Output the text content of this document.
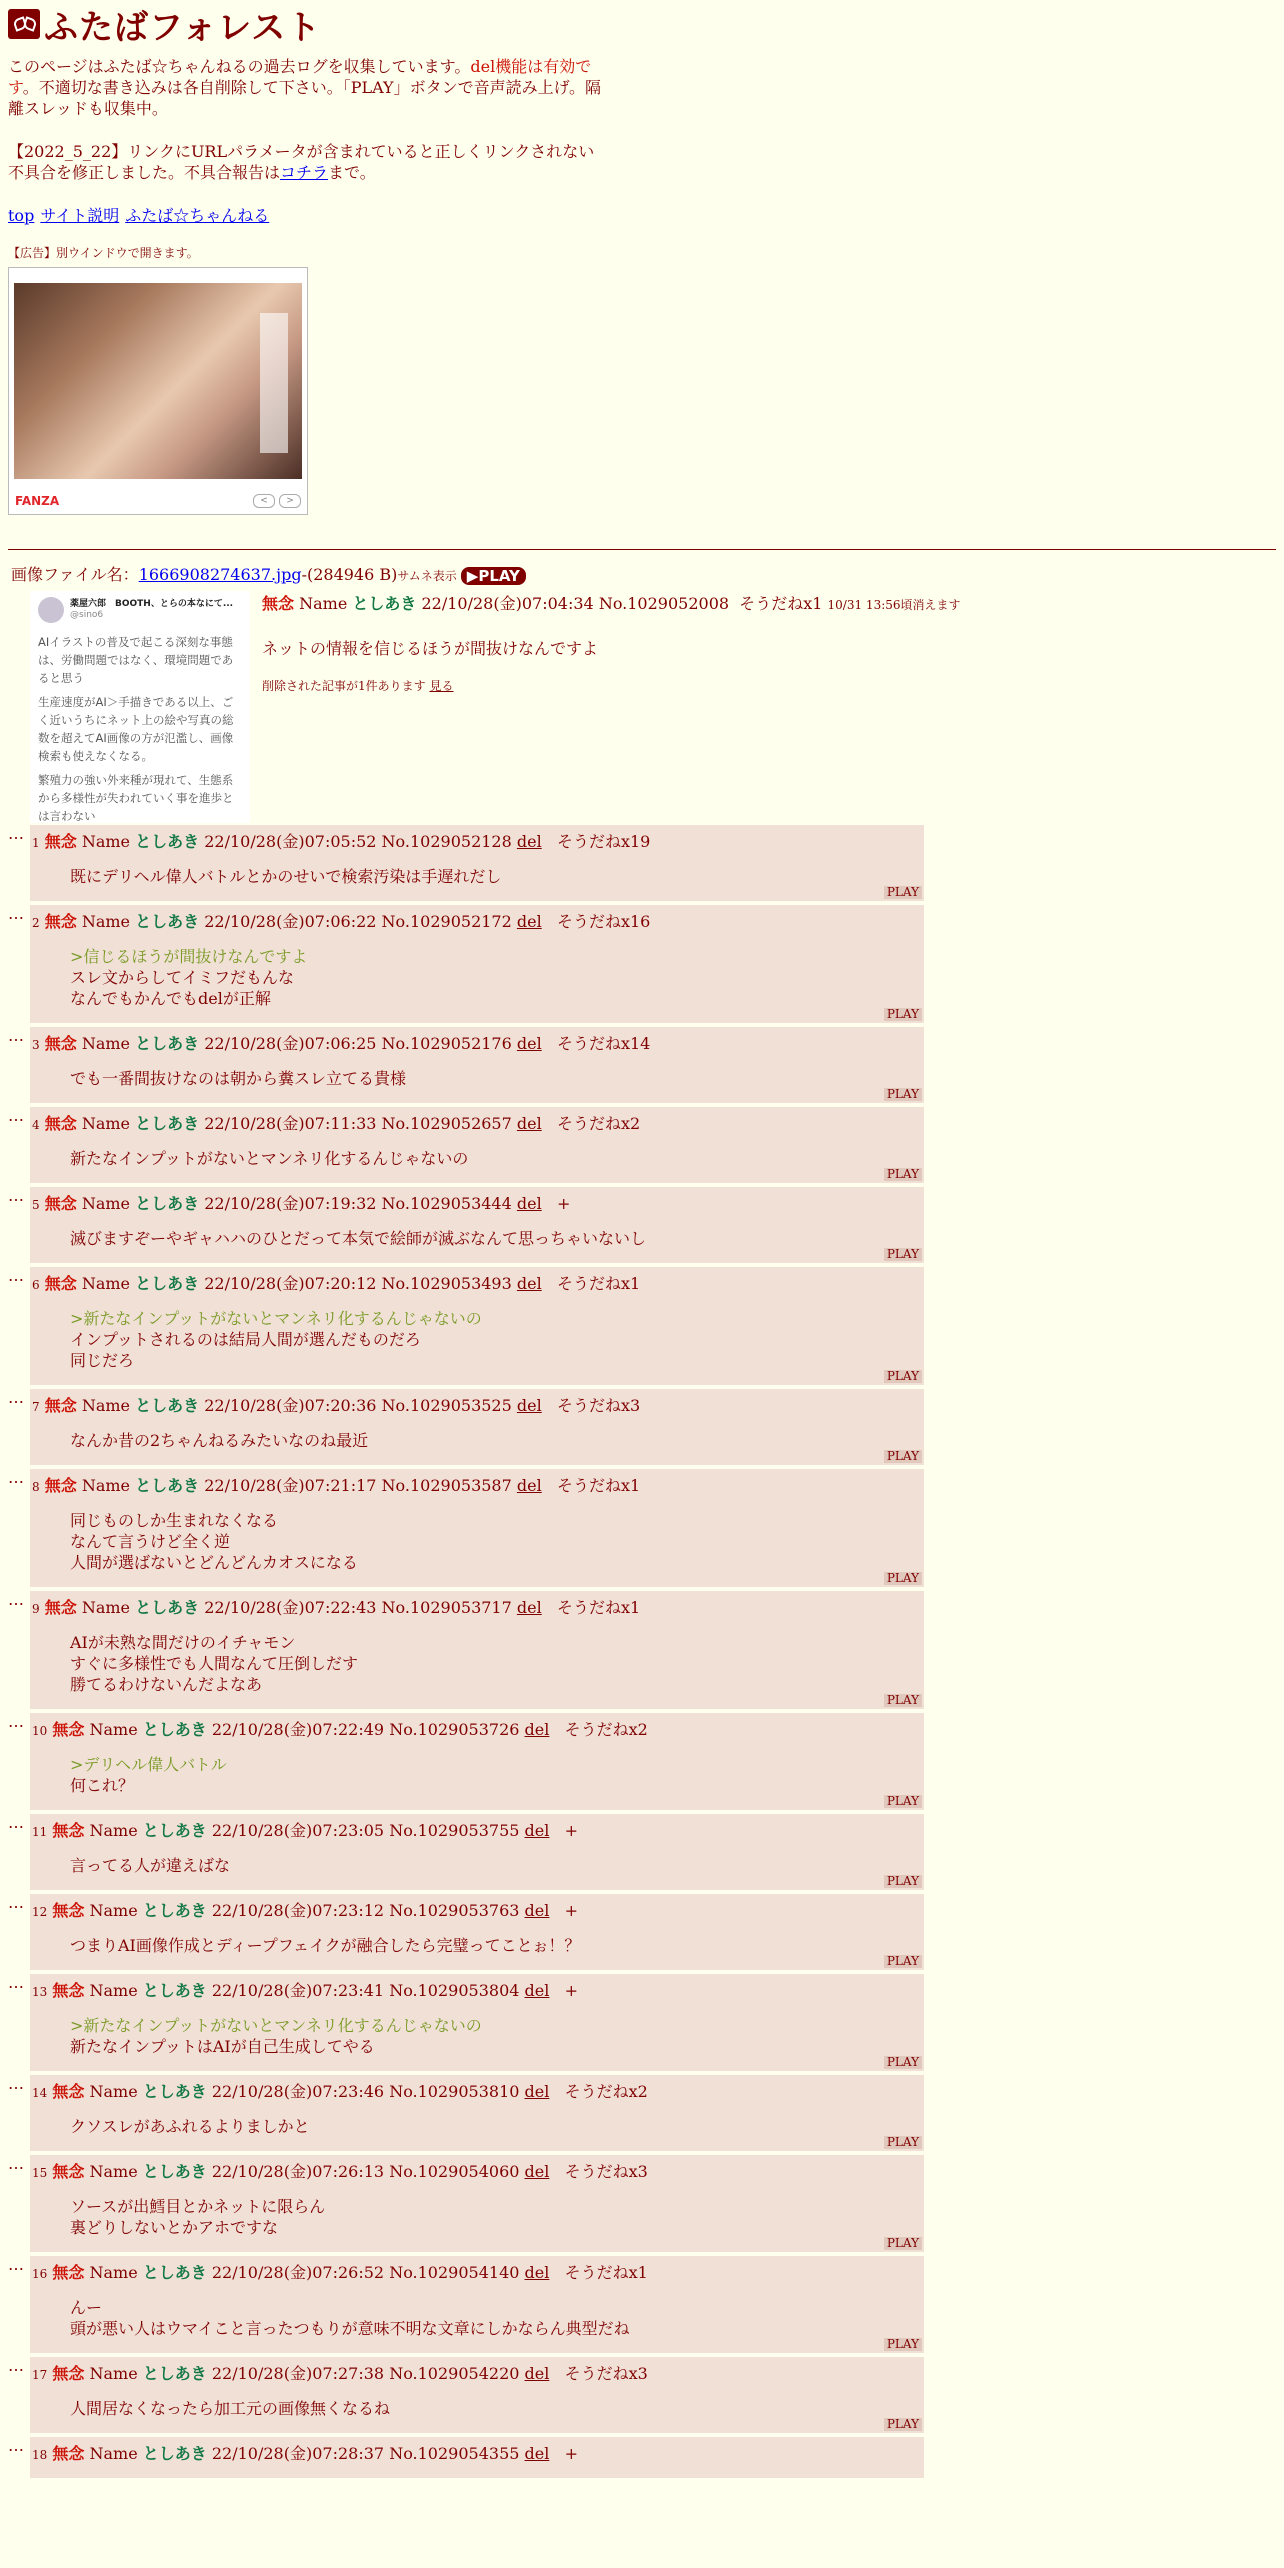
ふたばフォレスト
このページはふたば☆ちゃんねるの過去ログを収集しています。del機能は有効です。不適切な書き込みは各自削除して下さい。「PLAY」ボタンで音声読み上げ。隔離スレッドも収集中。
【2022_5_22】リンクにURLパラメータが含まれていると正しくリンクされない不具合を修正しました。不具合報告はコチラまで。
top サイト説明 ふたば☆ちゃんねる
【広告】別ウインドウで開きます。
FANZA	<	>
画像ファイル名：1666908274637.jpg-(284946 B)サムネ表示 ▶PLAY
薬屋六郎　BOOTH、とらの本なにて...
@sino6

AIイラストの普及で起こる深刻な事態は、労働問題ではなく、環境問題であると思う

生産速度がAI＞手描きである以上、ごく近いうちにネット上の絵や写真の総数を超えてAI画像の方が氾濫し、画像検索も使えなくなる。

繁殖力の強い外来種が現れて、生態系から多様性が失われていく事を進歩とは言わない

無念 Name としあき 22/10/28(金)07:04:34 No.1029052008 そうだねx1 10/31 13:56頃消えます
ネットの情報を信じるほうが間抜けなんですよ
削除された記事が1件あります 見る
… 1 無念 Name としあき 22/10/28(金)07:05:52 No.1029052128 del そうだねx19
既にデリヘル偉人バトルとかのせいで検索汚染は手遅れだし
PLAY
… 2 無念 Name としあき 22/10/28(金)07:06:22 No.1029052172 del そうだねx16
>信じるほうが間抜けなんですよ
スレ文からしてイミフだもんな
なんでもかんでもdelが正解
PLAY
… 3 無念 Name としあき 22/10/28(金)07:06:25 No.1029052176 del そうだねx14
でも一番間抜けなのは朝から糞スレ立てる貴様
PLAY
… 4 無念 Name としあき 22/10/28(金)07:11:33 No.1029052657 del そうだねx2
新たなインプットがないとマンネリ化するんじゃないの
PLAY
… 5 無念 Name としあき 22/10/28(金)07:19:32 No.1029053444 del +
滅びますぞーやギャハハのひとだって本気で絵師が滅ぶなんて思っちゃいないし
PLAY
… 6 無念 Name としあき 22/10/28(金)07:20:12 No.1029053493 del そうだねx1
>新たなインプットがないとマンネリ化するんじゃないの
インプットされるのは結局人間が選んだものだろ
同じだろ
PLAY
… 7 無念 Name としあき 22/10/28(金)07:20:36 No.1029053525 del そうだねx3
なんか昔の2ちゃんねるみたいなのね最近
PLAY
… 8 無念 Name としあき 22/10/28(金)07:21:17 No.1029053587 del そうだねx1
同じものしか生まれなくなる
なんて言うけど全く逆
人間が選ばないとどんどんカオスになる
PLAY
… 9 無念 Name としあき 22/10/28(金)07:22:43 No.1029053717 del そうだねx1
AIが未熟な間だけのイチャモン
すぐに多様性でも人間なんて圧倒しだす
勝てるわけないんだよなあ
PLAY
… 10 無念 Name としあき 22/10/28(金)07:22:49 No.1029053726 del そうだねx2
>デリヘル偉人バトル
何これ？
PLAY
… 11 無念 Name としあき 22/10/28(金)07:23:05 No.1029053755 del +
言ってる人が違えばな
PLAY
… 12 無念 Name としあき 22/10/28(金)07:23:12 No.1029053763 del +
つまりAI画像作成とディープフェイクが融合したら完璧ってことぉ！？
PLAY
… 13 無念 Name としあき 22/10/28(金)07:23:41 No.1029053804 del +
>新たなインプットがないとマンネリ化するんじゃないの
新たなインプットはAIが自己生成してやる
PLAY
… 14 無念 Name としあき 22/10/28(金)07:23:46 No.1029053810 del そうだねx2
クソスレがあふれるよりましかと
PLAY
… 15 無念 Name としあき 22/10/28(金)07:26:13 No.1029054060 del そうだねx3
ソースが出鱈目とかネットに限らん
裏どりしないとかアホですな
PLAY
… 16 無念 Name としあき 22/10/28(金)07:26:52 No.1029054140 del そうだねx1
んー
頭が悪い人はウマイこと言ったつもりが意味不明な文章にしかならん典型だね
PLAY
… 17 無念 Name としあき 22/10/28(金)07:27:38 No.1029054220 del そうだねx3
人間居なくなったら加工元の画像無くなるね
PLAY
… 18 無念 Name としあき 22/10/28(金)07:28:37 No.1029054355 del +
